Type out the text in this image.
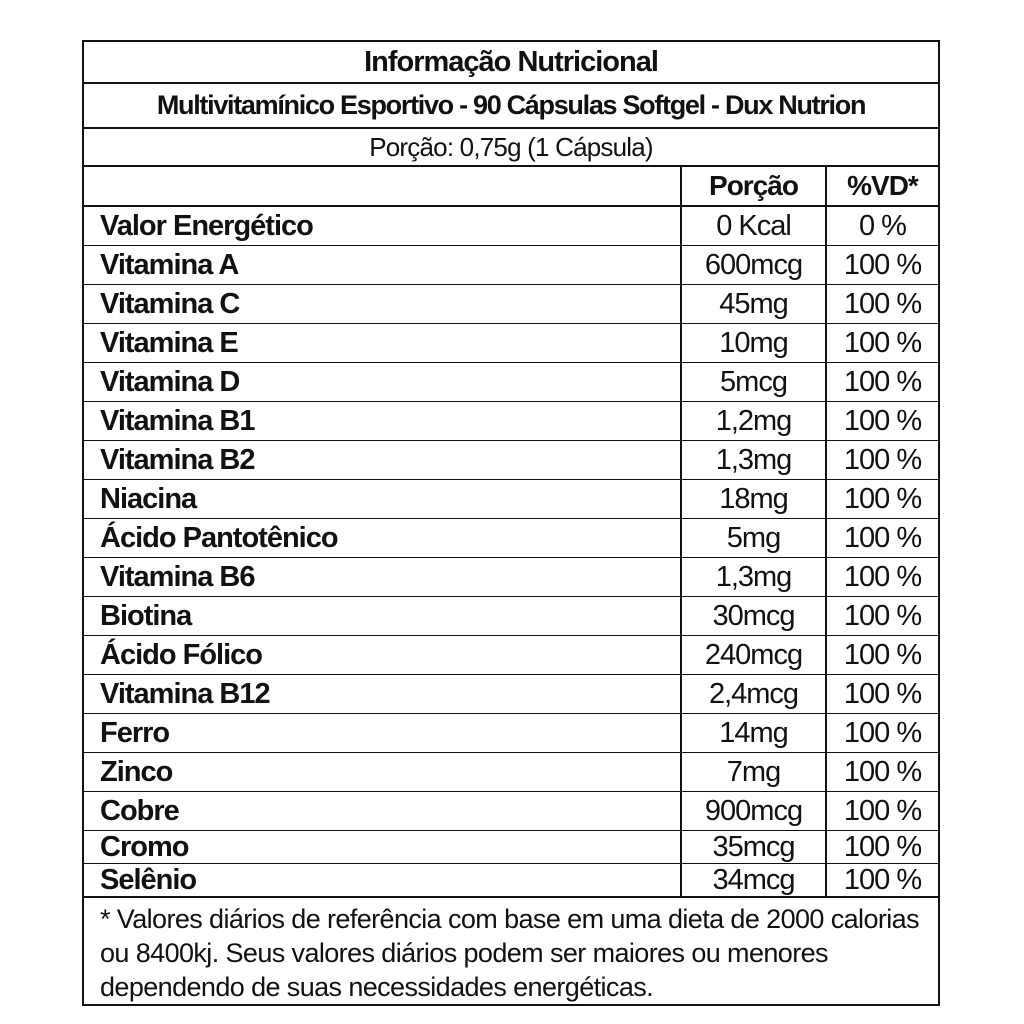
Informação Nutricional
Multivitamínico Esportivo - 90 Cápsulas Softgel - Dux Nutrion
Porção: 0,75g (1 Cápsula)
	Porção	%VD*
Valor Energético	0 Kcal	0 %
Vitamina A	600mcg	100 %
Vitamina C	45mg	100 %
Vitamina E	10mg	100 %
Vitamina D	5mcg	100 %
Vitamina B1	1,2mg	100 %
Vitamina B2	1,3mg	100 %
Niacina	18mg	100 %
Ácido Pantotênico	5mg	100 %
Vitamina B6	1,3mg	100 %
Biotina	30mcg	100 %
Ácido Fólico	240mcg	100 %
Vitamina B12	2,4mcg	100 %
Ferro	14mg	100 %
Zinco	7mg	100 %
Cobre	900mcg	100 %
Cromo	35mcg	100 %
Selênio	34mcg	100 %
* Valores diários de referência com base em uma dieta de 2000 calorias ou 8400kj. Seus valores diários podem ser maiores ou menores dependendo de suas necessidades energéticas.
